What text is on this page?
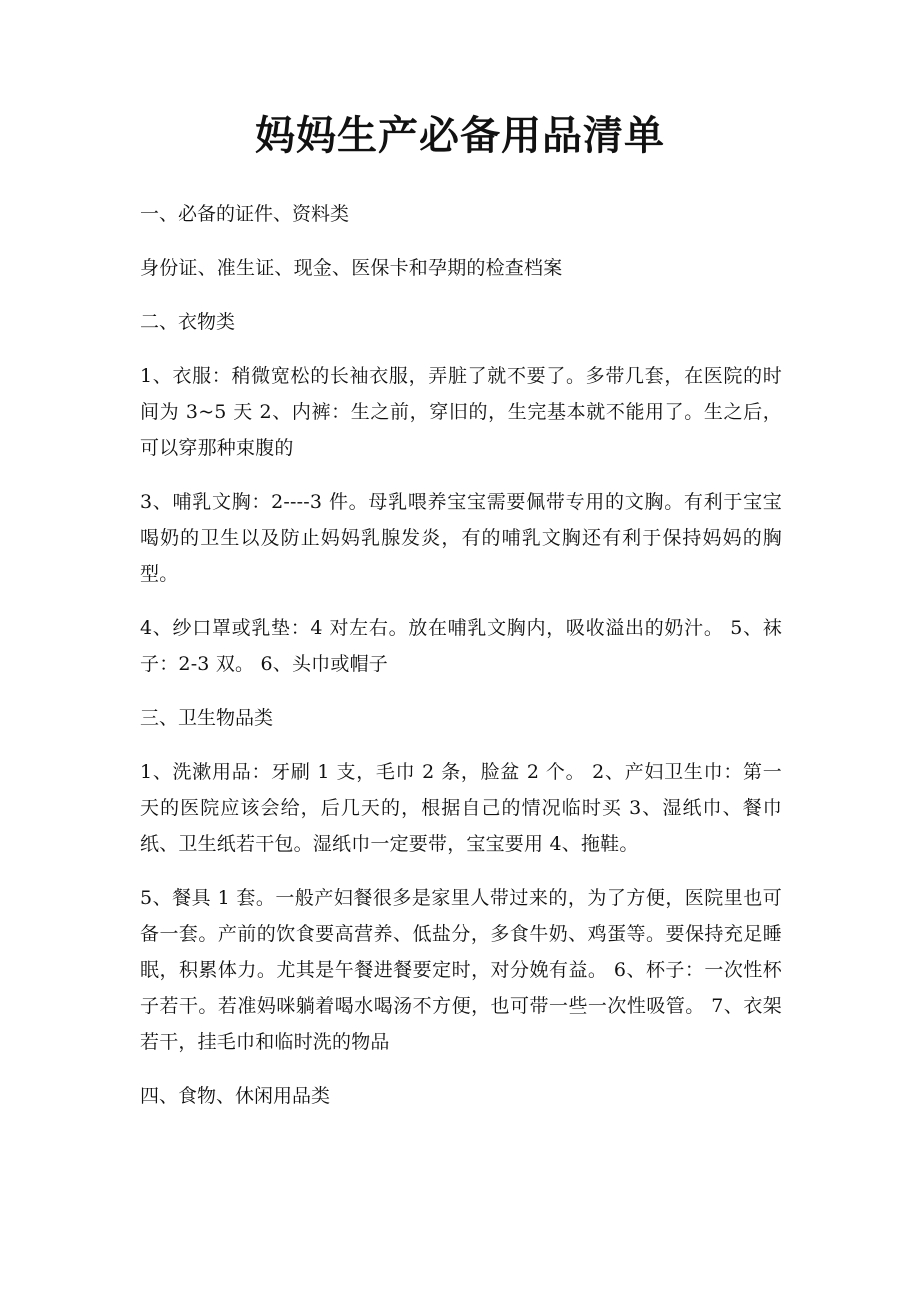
妈妈生产必备用品清单

一、必备的证件、资料类

身份证、准生证、现金、医保卡和孕期的检查档案

二、衣物类

1、衣服：稍微宽松的长袖衣服，弄脏了就不要了。多带几套，在医院的时间为 3~5 天 2、内裤：生之前，穿旧的，生完基本就不能用了。生之后，可以穿那种束腹的

3、哺乳文胸：2----3 件。母乳喂养宝宝需要佩带专用的文胸。有利于宝宝喝奶的卫生以及防止妈妈乳腺发炎，有的哺乳文胸还有利于保持妈妈的胸型。

4、纱口罩或乳垫：4 对左右。放在哺乳文胸内，吸收溢出的奶汁。 5、袜子：2-3 双。 6、头巾或帽子

三、卫生物品类

1、洗漱用品：牙刷 1 支，毛巾 2 条，脸盆 2 个。 2、产妇卫生巾：第一天的医院应该会给，后几天的，根据自己的情况临时买 3、湿纸巾、餐巾纸、卫生纸若干包。湿纸巾一定要带，宝宝要用 4、拖鞋。

5、餐具 1 套。一般产妇餐很多是家里人带过来的，为了方便，医院里也可备一套。产前的饮食要高营养、低盐分，多食牛奶、鸡蛋等。要保持充足睡眠，积累体力。尤其是午餐进餐要定时，对分娩有益。 6、杯子：一次性杯子若干。若准妈咪躺着喝水喝汤不方便，也可带一些一次性吸管。 7、衣架若干，挂毛巾和临时洗的物品

四、食物、休闲用品类
